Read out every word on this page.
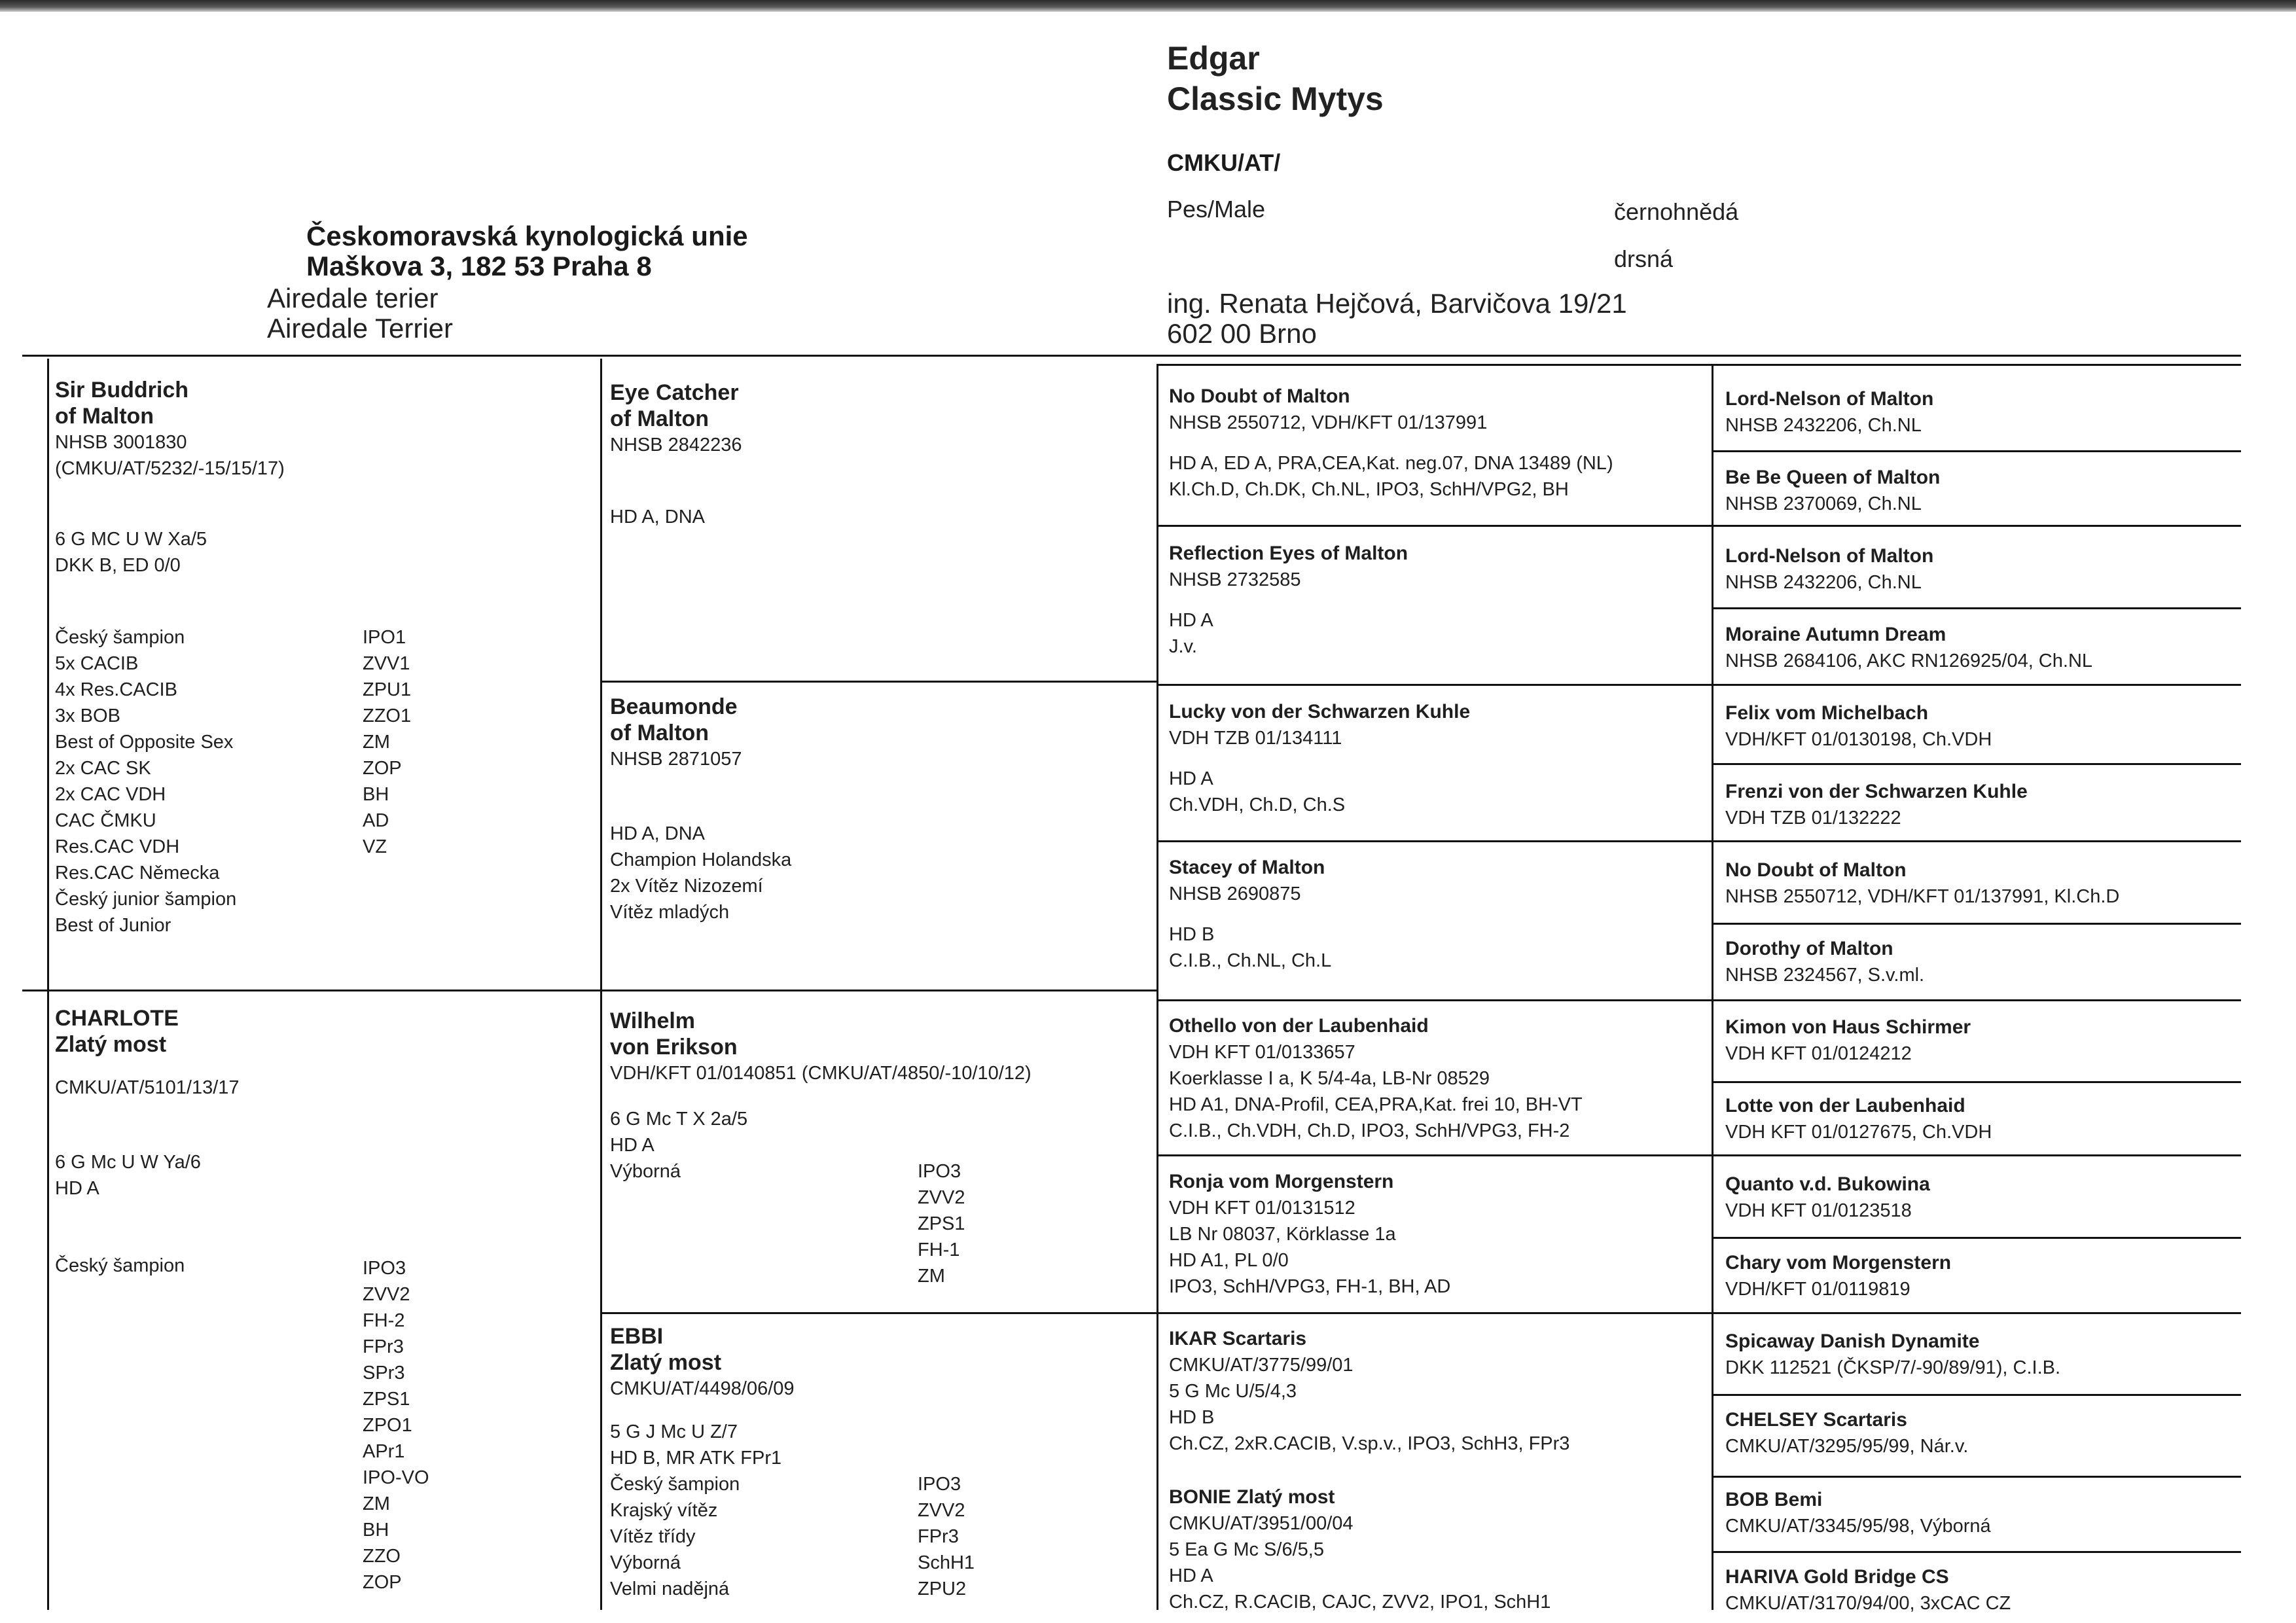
Edgar
Classic Mytys
CMKU/AT/
Pes/Male	černohnědá
drsná
Českomoravská kynologická unie
Maškova 3, 182 53 Praha 8
Airedale terier
Airedale Terrier
ing. Renata Hejčová, Barvičova 19/21
602 00 Brno
Sir Buddrich
of Malton
NHSB 3001830
(CMKU/AT/5232/-15/15/17)
6 G MC U W Xa/5
DKK B, ED 0/0
Český šampion
5x CACIB
4x Res.CACIB
3x BOB
Best of Opposite Sex
2x CAC SK
2x CAC VDH
CAC ČMKU
Res.CAC VDH
Res.CAC Německa
Český junior šampion
Best of Junior
IPO1
ZVV1
ZPU1
ZZO1
ZM
ZOP
BH
AD
VZ
CHARLOTE
Zlatý most
CMKU/AT/5101/13/17
6 G Mc U W Ya/6
HD A
Český šampion	IPO3
ZVV2
FH-2
FPr3
SPr3
ZPS1
ZPO1
APr1
IPO-VO
ZM
BH
ZZO
ZOP
Eye Catcher
of Malton
NHSB 2842236
HD A, DNA
Beaumonde
of Malton
NHSB 2871057
HD A, DNA
Champion Holandska
2x Vítěz Nizozemí
Vítěz mladých
Wilhelm
von Erikson
VDH/KFT 01/0140851 (CMKU/AT/4850/-10/10/12)
6 G Mc T X 2a/5
HD A
Výborná	IPO3
ZVV2
ZPS1
FH-1
ZM
EBBI
Zlatý most
CMKU/AT/4498/06/09
5 G J Mc U Z/7
HD B, MR ATK FPr1
Český šampion
Krajský vítěz
Vítěz třídy
Výborná
Velmi nadějná
IPO3
ZVV2
FPr3
SchH1
ZPU2
No Doubt of Malton
NHSB 2550712, VDH/KFT 01/137991
HD A, ED A, PRA,CEA,Kat. neg.07, DNA 13489 (NL)
Kl.Ch.D, Ch.DK, Ch.NL, IPO3, SchH/VPG2, BH
Reflection Eyes of Malton
NHSB 2732585
HD A
J.v.
Lucky von der Schwarzen Kuhle
VDH TZB 01/134111
HD A
Ch.VDH, Ch.D, Ch.S
Stacey of Malton
NHSB 2690875
HD B
C.I.B., Ch.NL, Ch.L
Othello von der Laubenhaid
VDH KFT 01/0133657
Koerklasse I a, K 5/4-4a, LB-Nr 08529
HD A1, DNA-Profil, CEA,PRA,Kat. frei 10, BH-VT
C.I.B., Ch.VDH, Ch.D, IPO3, SchH/VPG3, FH-2
Ronja vom Morgenstern
VDH KFT 01/0131512
LB Nr 08037, Körklasse 1a
HD A1, PL 0/0
IPO3, SchH/VPG3, FH-1, BH, AD
IKAR Scartaris
CMKU/AT/3775/99/01
5 G Mc U/5/4,3
HD B
Ch.CZ, 2xR.CACIB, V.sp.v., IPO3, SchH3, FPr3
BONIE Zlatý most
CMKU/AT/3951/00/04
5 Ea G Mc S/6/5,5
HD A
Ch.CZ, R.CACIB, CAJC, ZVV2, IPO1, SchH1
Lord-Nelson of Malton
NHSB 2432206, Ch.NL
Be Be Queen of Malton
NHSB 2370069, Ch.NL
Lord-Nelson of Malton
NHSB 2432206, Ch.NL
Moraine Autumn Dream
NHSB 2684106, AKC RN126925/04, Ch.NL
Felix vom Michelbach
VDH/KFT 01/0130198, Ch.VDH
Frenzi von der Schwarzen Kuhle
VDH TZB 01/132222
No Doubt of Malton
NHSB 2550712, VDH/KFT 01/137991, Kl.Ch.D
Dorothy of Malton
NHSB 2324567, S.v.ml.
Kimon von Haus Schirmer
VDH KFT 01/0124212
Lotte von der Laubenhaid
VDH KFT 01/0127675, Ch.VDH
Quanto v.d. Bukowina
VDH KFT 01/0123518
Chary vom Morgenstern
VDH/KFT 01/0119819
Spicaway Danish Dynamite
DKK 112521 (ČKSP/7/-90/89/91), C.I.B.
CHELSEY Scartaris
CMKU/AT/3295/95/99, Nár.v.
BOB Bemi
CMKU/AT/3345/95/98, Výborná
HARIVA Gold Bridge CS
CMKU/AT/3170/94/00, 3xCAC CZ
